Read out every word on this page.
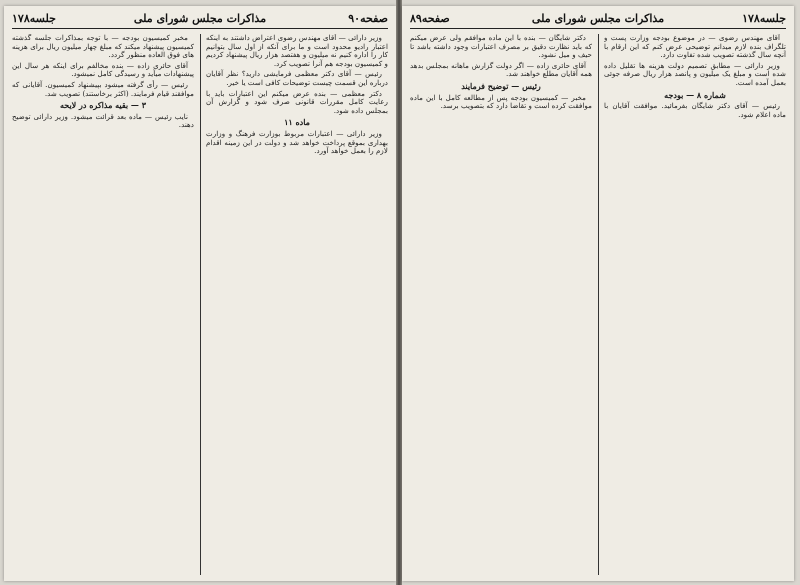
صفحه۹۰
مذاکرات مجلس شورای ملی
جلسه۱۷۸

وزیر دارائی — آقای مهندس رضوی اعتراض داشتند به اینکه اعتبار رادیو محدود است و ما برای آنکه از اول سال بتوانیم کار را اداره کنیم نه میلیون و هفتصد هزار ریال پیشنهاد کردیم و کمیسیون بودجه هم آنرا تصویب کرد.

رئیس — آقای دکتر معظمی فرمایشی دارید؟ نظر آقایان درباره این قسمت چیست توضیحات کافی است یا خیر.

دکتر معظمی — بنده عرض میکنم این اعتبارات باید با رعایت کامل مقررات قانونی صرف شود و گزارش آن بمجلس داده شود.

ماده ۱۱

وزیر دارائی — اعتبارات مربوط بوزارت فرهنگ و وزارت بهداری بموقع پرداخت خواهد شد و دولت در این زمینه اقدام لازم را بعمل خواهد آورد.

مخبر کمیسیون بودجه — با توجه بمذاکرات جلسه گذشته کمیسیون پیشنهاد میکند که مبلغ چهار میلیون ریال برای هزینه های فوق العاده منظور گردد.

آقای حائری زاده — بنده مخالفم برای اینکه هر سال این پیشنهادات میآید و رسیدگی کامل نمیشود.

رئیس — رأی گرفته میشود بپیشنهاد کمیسیون. آقایانی که موافقند قیام فرمایند. (اکثر برخاستند) تصویب شد.

۳ — بقیه مذاکره در لایحه

نایب رئیس — ماده بعد قرائت میشود. وزیر دارائی توضیح دهند.

جلسه۱۷۸
مذاکرات مجلس شورای ملی
صفحه۸۹

آقای مهندس رضوی — در موضوع بودجه وزارت پست و تلگراف بنده لازم میدانم توضیحی عرض کنم که این ارقام با آنچه سال گذشته تصویب شده تفاوت دارد.

وزیر دارائی — مطابق تصمیم دولت هزینه ها تقلیل داده شده است و مبلغ یک میلیون و پانصد هزار ریال صرفه جوئی بعمل آمده است.

شماره ۸ — بودجه

رئیس — آقای دکتر شایگان بفرمائید. موافقت آقایان با ماده اعلام شود.

دکتر شایگان — بنده با این ماده موافقم ولی عرض میکنم که باید نظارت دقیق بر مصرف اعتبارات وجود داشته باشد تا حیف و میل نشود.

آقای حائری زاده — اگر دولت گزارش ماهانه بمجلس بدهد همه آقایان مطلع خواهند شد.

رئیس — توضیح فرمایند

مخبر — کمیسیون بودجه پس از مطالعه کامل با این ماده موافقت کرده است و تقاضا دارد که بتصویب برسد.
